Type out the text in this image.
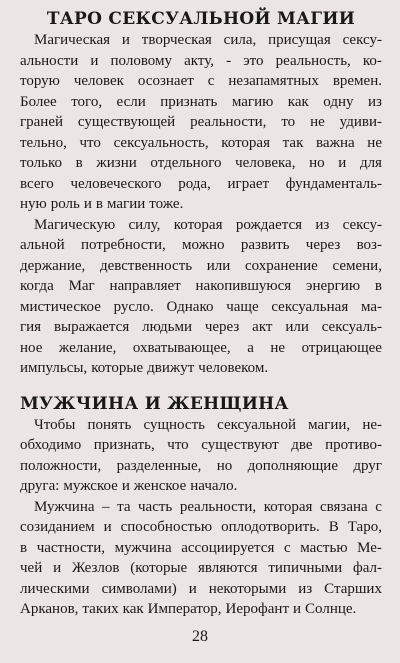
ТАРО СЕКСУАЛЬНОЙ МАГИИ
Магическая и творческая сила, присущая сексу-
альности и половому акту, - это реальность, ко-
торую человек осознает с незапамятных времен.
Более того, если признать магию как одну из
граней существующей реальности, то не удиви-
тельно, что сексуальность, которая так важна не
только в жизни отдельного человека, но и для
всего человеческого рода, играет фундаменталь-
ную роль и в магии тоже.
Магическую силу, которая рождается из сексу-
альной потребности, можно развить через воз-
держание, девственность или сохранение семени,
когда Маг направляет накопившуюся энергию в
мистическое русло. Однако чаще сексуальная ма-
гия выражается людьми через акт или сексуаль-
ное желание, охватывающее, а не отрицающее
импульсы, которые движут человеком.
МУЖЧИНА И ЖЕНЩИНА
Чтобы понять сущность сексуальной магии, не-
обходимо признать, что существуют две противо-
положности, разделенные, но дополняющие друг
друга: мужское и женское начало.
Мужчина – та часть реальности, которая связана с
созиданием и способностью оплодотворить. В Таро,
в частности, мужчина ассоциируется с мастью Ме-
чей и Жезлов (которые являются типичными фал-
лическими символами) и некоторыми из Старших
Арканов, таких как Император, Иерофант и Солнце.
28
